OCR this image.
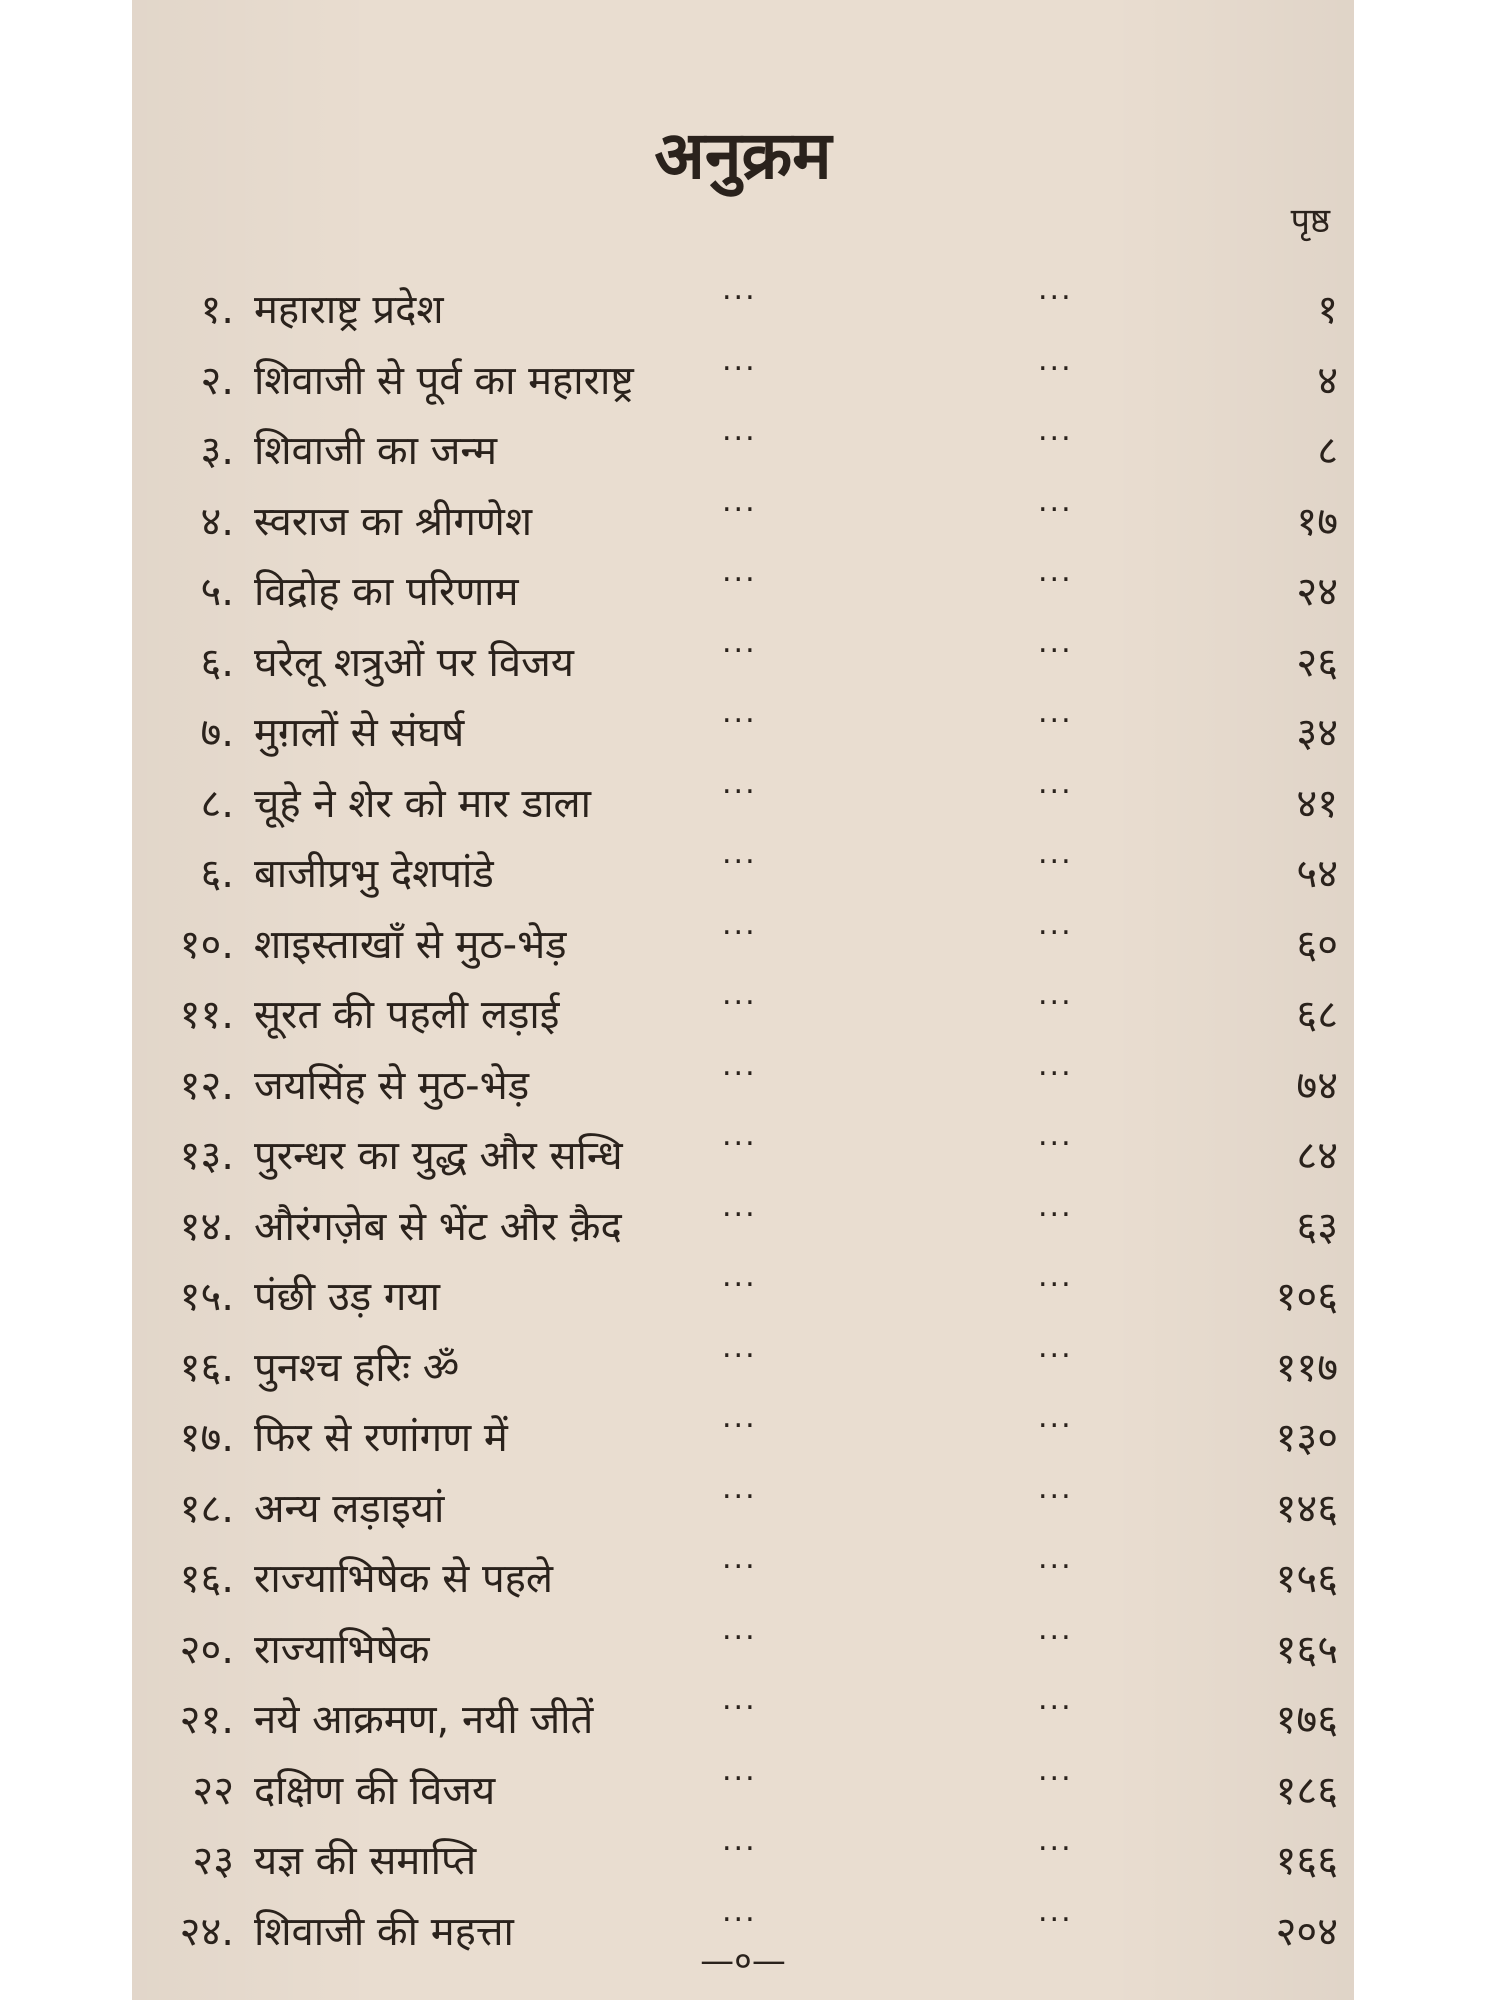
अनुक्रम
पृष्ठ
१. महाराष्ट्र प्रदेश	...	...	१
२. शिवाजी से पूर्व का महाराष्ट्र	...	...	४
३. शिवाजी का जन्म	...	...	८
४. स्वराज का श्रीगणेश	...	...	१७
५. विद्रोह का परिणाम	...	...	२४
६. घरेलू शत्रुओं पर विजय	...	...	२६
७. मुग़लों से संघर्ष	...	...	३४
८. चूहे ने शेर को मार डाला	...	...	४१
६. बाजीप्रभु देशपांडे	...	...	५४
१०. शाइस्ताखाँ से मुठ-भेड़	...	...	६०
११. सूरत की पहली लड़ाई	...	...	६८
१२. जयसिंह से मुठ-भेड़	...	...	७४
१३. पुरन्धर का युद्ध और सन्धि	...	...	८४
१४. औरंगज़ेब से भेंट और क़ैद	...	...	६३
१५. पंछी उड़ गया	...	...	१०६
१६. पुनश्च हरिः ॐ	...	...	११७
१७. फिर से रणांगण में	...	...	१३०
१८. अन्य लड़ाइयां	...	...	१४६
१६. राज्याभिषेक से पहले	...	...	१५६
२०. राज्याभिषेक	...	...	१६५
२१. नये आक्रमण, नयी जीतें	...	...	१७६
२२ दक्षिण की विजय	...	...	१८६
२३ यज्ञ की समाप्ति	...	...	१६६
२४. शिवाजी की महत्ता	...	...	२०४
—०—
